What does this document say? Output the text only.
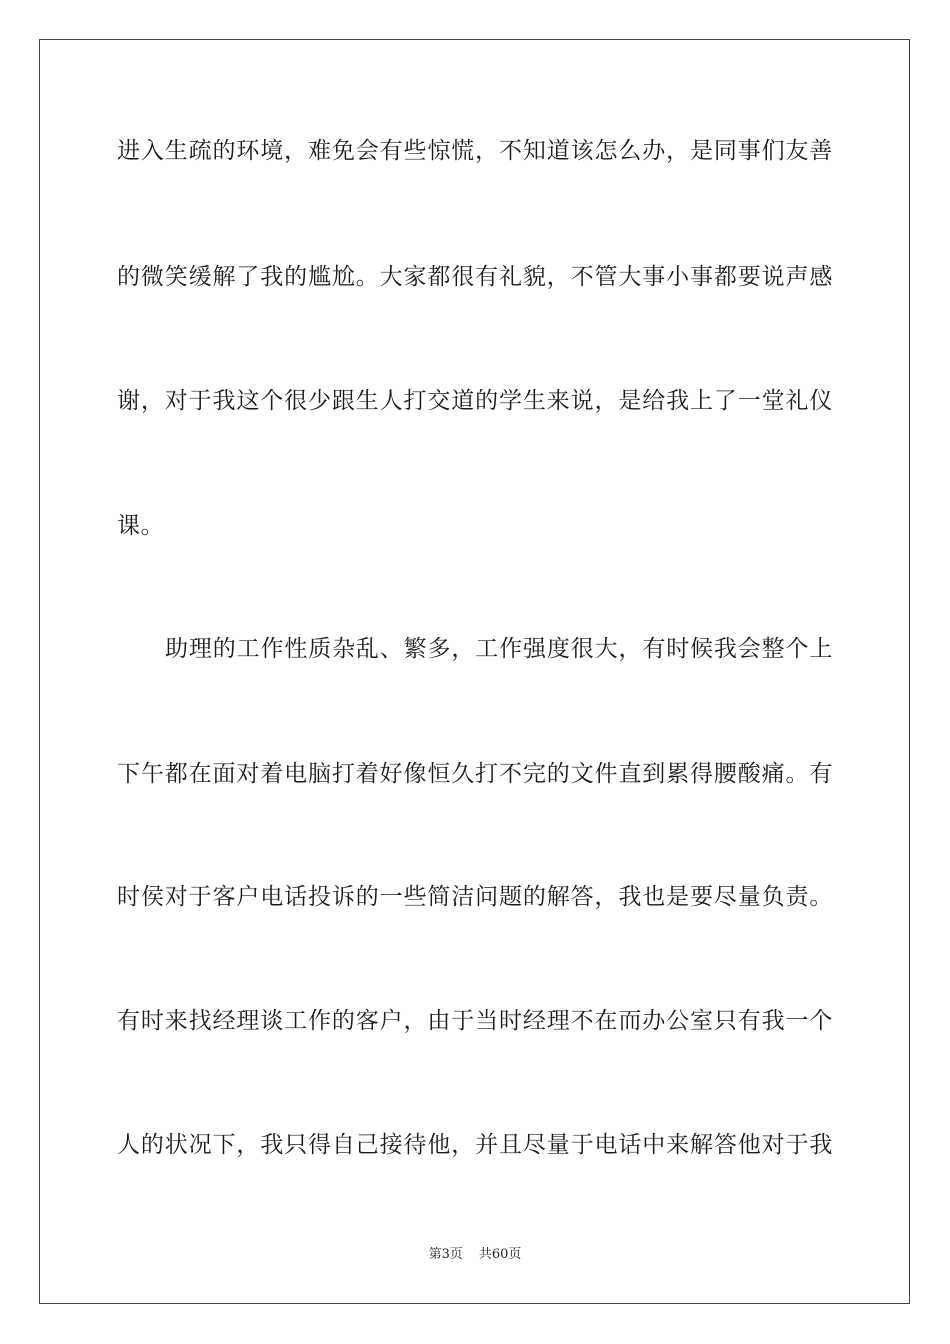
进入生疏的环境，难免会有些惊慌，不知道该怎么办，是同事们友善
的微笑缓解了我的尴尬。大家都很有礼貌，不管大事小事都要说声感
谢，对于我这个很少跟生人打交道的学生来说，是给我上了一堂礼仪
课。
助理的工作性质杂乱、繁多，工作强度很大，有时候我会整个上
下午都在面对着电脑打着好像恒久打不完的文件直到累得腰酸痛。有
时侯对于客户电话投诉的一些简洁问题的解答，我也是要尽量负责。
有时来找经理谈工作的客户，由于当时经理不在而办公室只有我一个
人的状况下，我只得自己接待他，并且尽量于电话中来解答他对于我
第3页 共60页
